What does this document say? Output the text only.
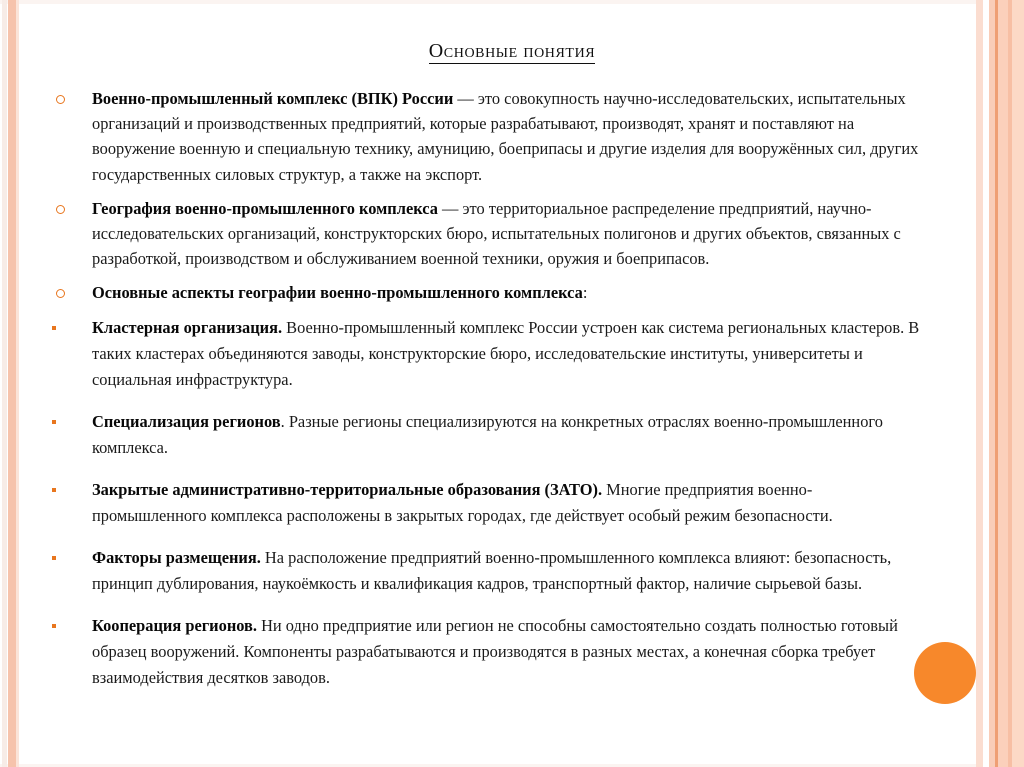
Основные понятия
Военно-промышленный комплекс (ВПК) России — это совокупность научно-исследовательских, испытательных организаций и производственных предприятий, которые разрабатывают, производят, хранят и поставляют на вооружение военную и специальную технику, амуницию, боеприпасы и другие изделия для вооружённых сил, других государственных силовых структур, а также на экспорт.
География военно-промышленного комплекса — это территориальное распределение предприятий, научно-исследовательских организаций, конструкторских бюро, испытательных полигонов и других объектов, связанных с разработкой, производством и обслуживанием военной техники, оружия и боеприпасов.
Основные аспекты географии военно-промышленного комплекса:
Кластерная организация. Военно-промышленный комплекс России устроен как система региональных кластеров. В таких кластерах объединяются заводы, конструкторские бюро, исследовательские институты, университеты и социальная инфраструктура.
Специализация регионов. Разные регионы специализируются на конкретных отраслях военно-промышленного комплекса.
Закрытые административно-территориальные образования (ЗАТО). Многие предприятия военно-промышленного комплекса расположены в закрытых городах, где действует особый режим безопасности.
Факторы размещения. На расположение предприятий военно-промышленного комплекса влияют: безопасность, принцип дублирования, наукоёмкость и квалификация кадров, транспортный фактор, наличие сырьевой базы.
Кооперация регионов. Ни одно предприятие или регион не способны самостоятельно создать полностью готовый образец вооружений. Компоненты разрабатываются и производятся в разных местах, а конечная сборка требует взаимодействия десятков заводов.
